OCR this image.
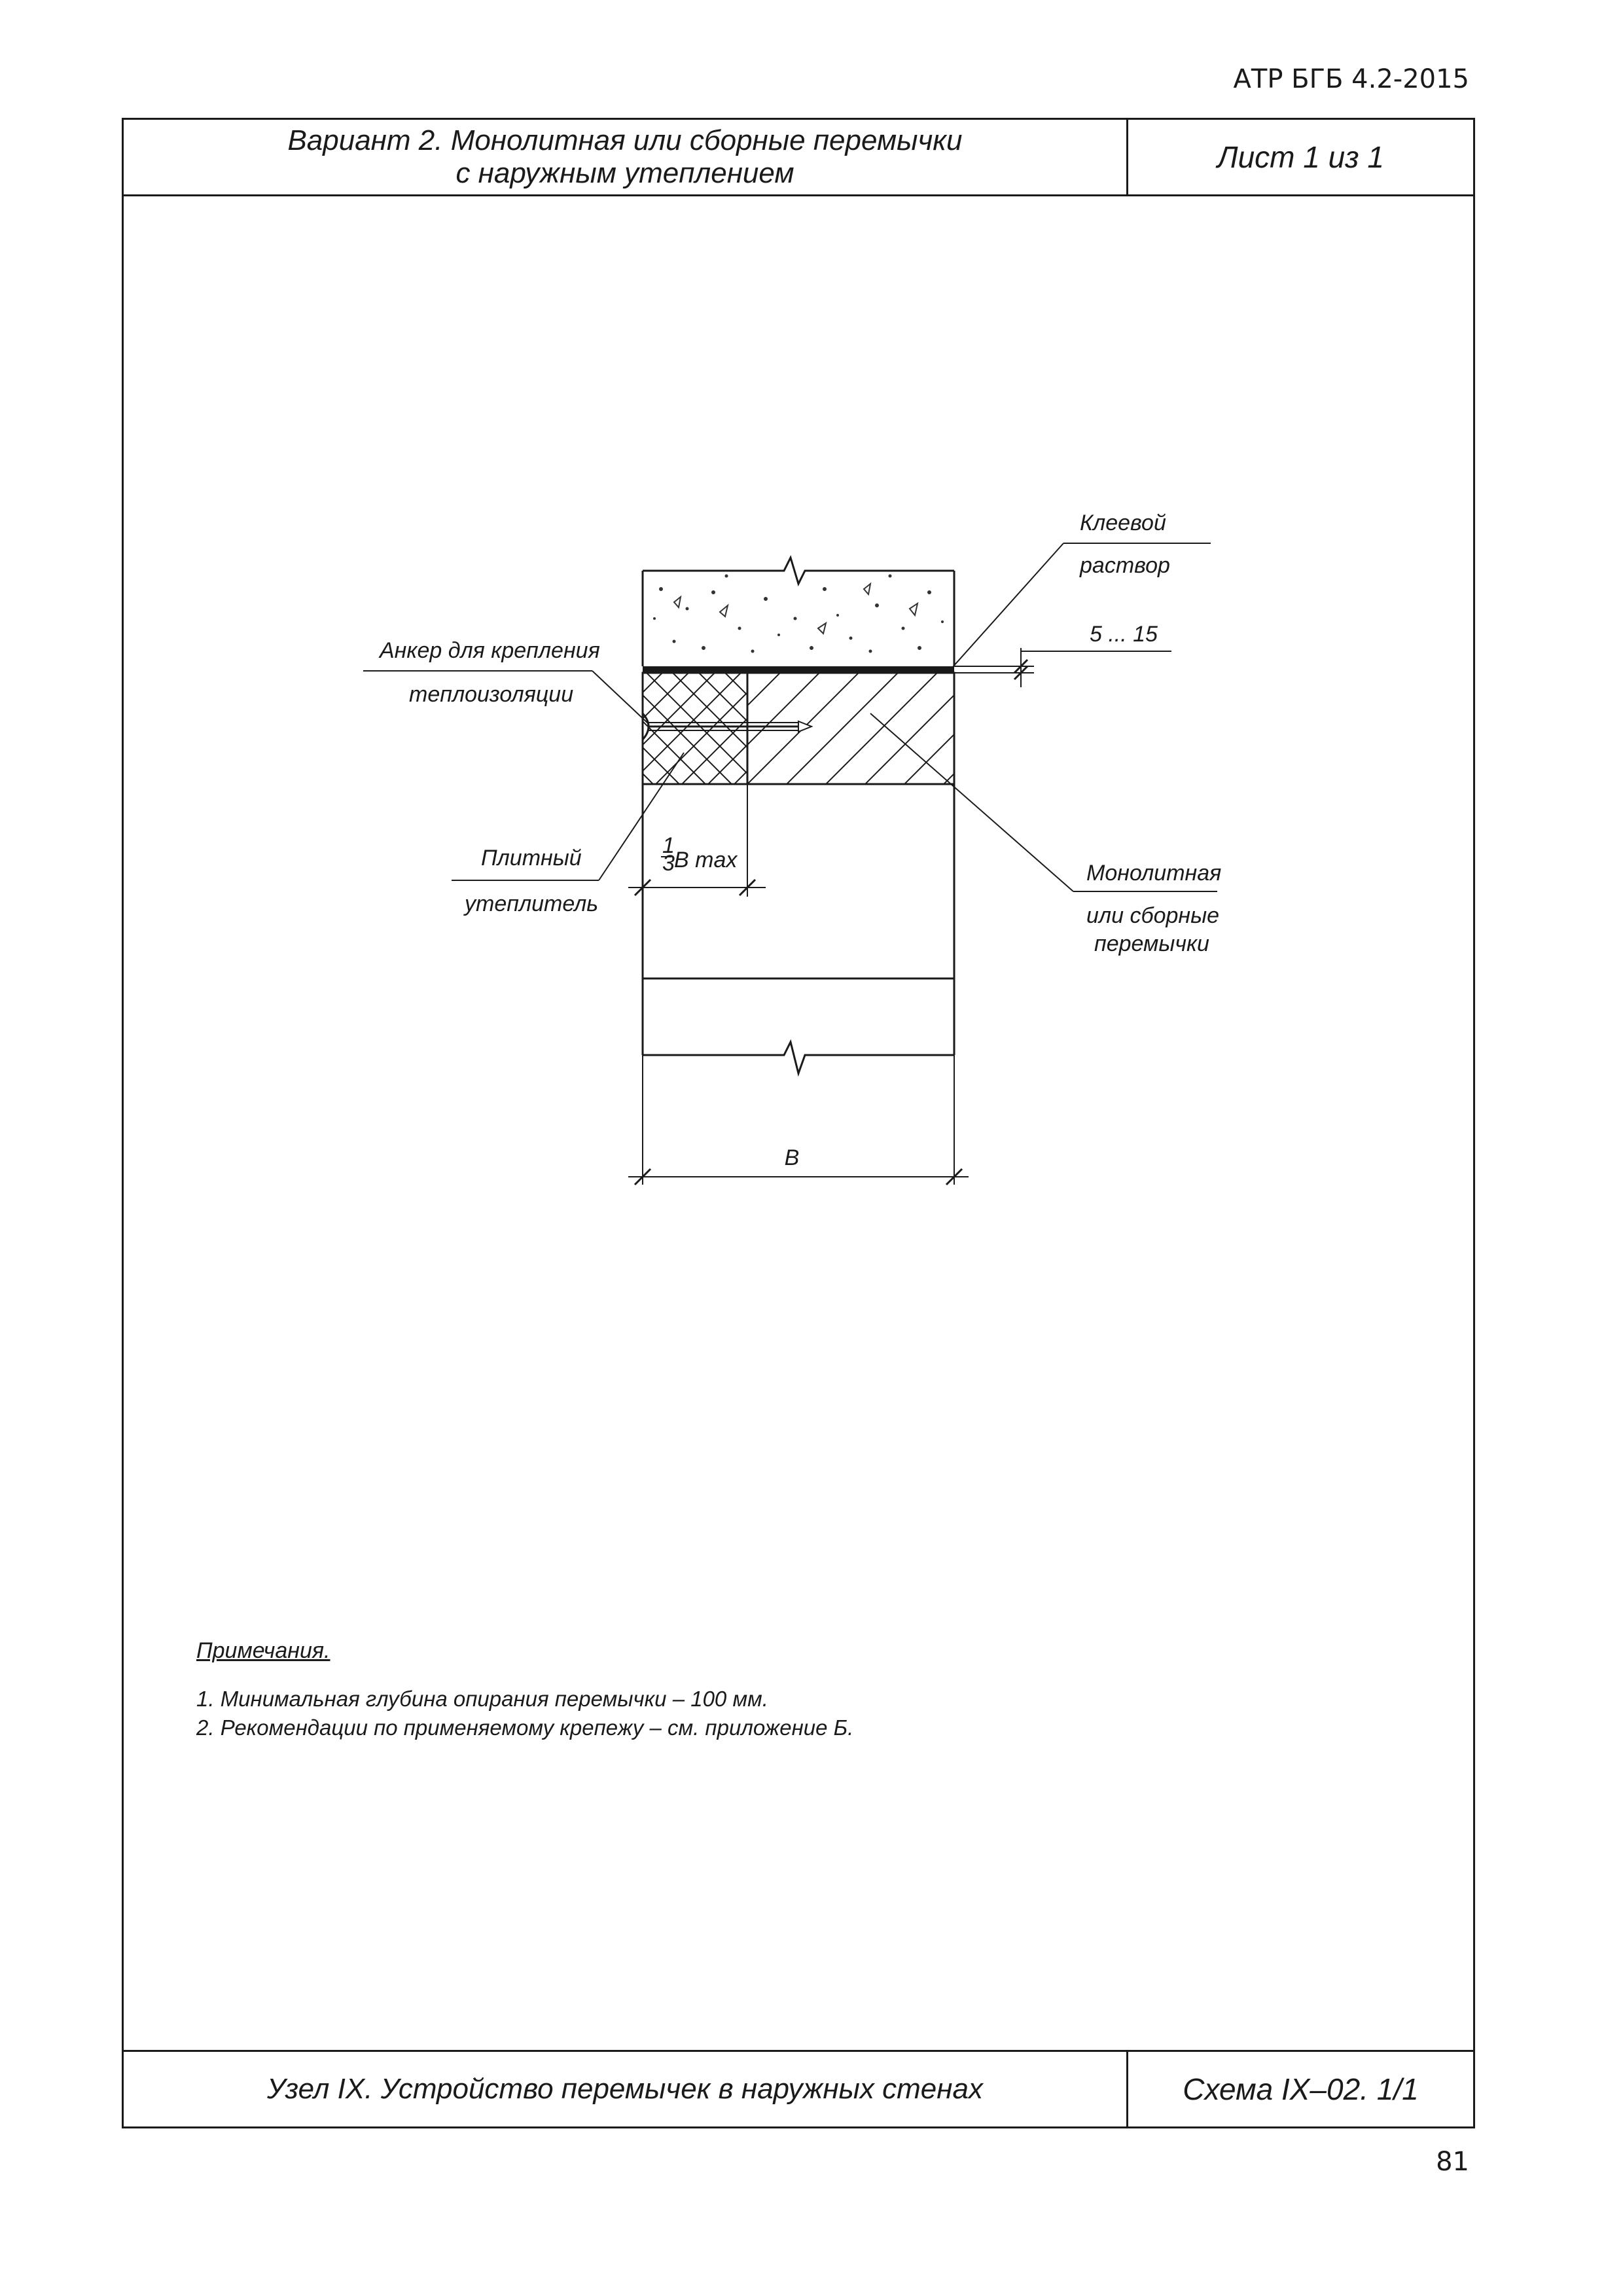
АТР БГБ 4.2-2015
Вариант 2. Монолитная или сборные перемычки
с наружным утеплением	Лист 1 из 1
Узел IX. Устройство перемычек в наружных стенах	Схема IX–02. 1/1
В
1
3 В max
5 ... 15
Клеевой
раствор
Анкер для крепления
теплоизоляции
Плитный
утеплитель
Монолитная
или сборные
перемычки
Примечания.
1. Минимальная глубина опирания перемычки – 100 мм.
2. Рекомендации по применяемому крепежу – см. приложение Б.
81
